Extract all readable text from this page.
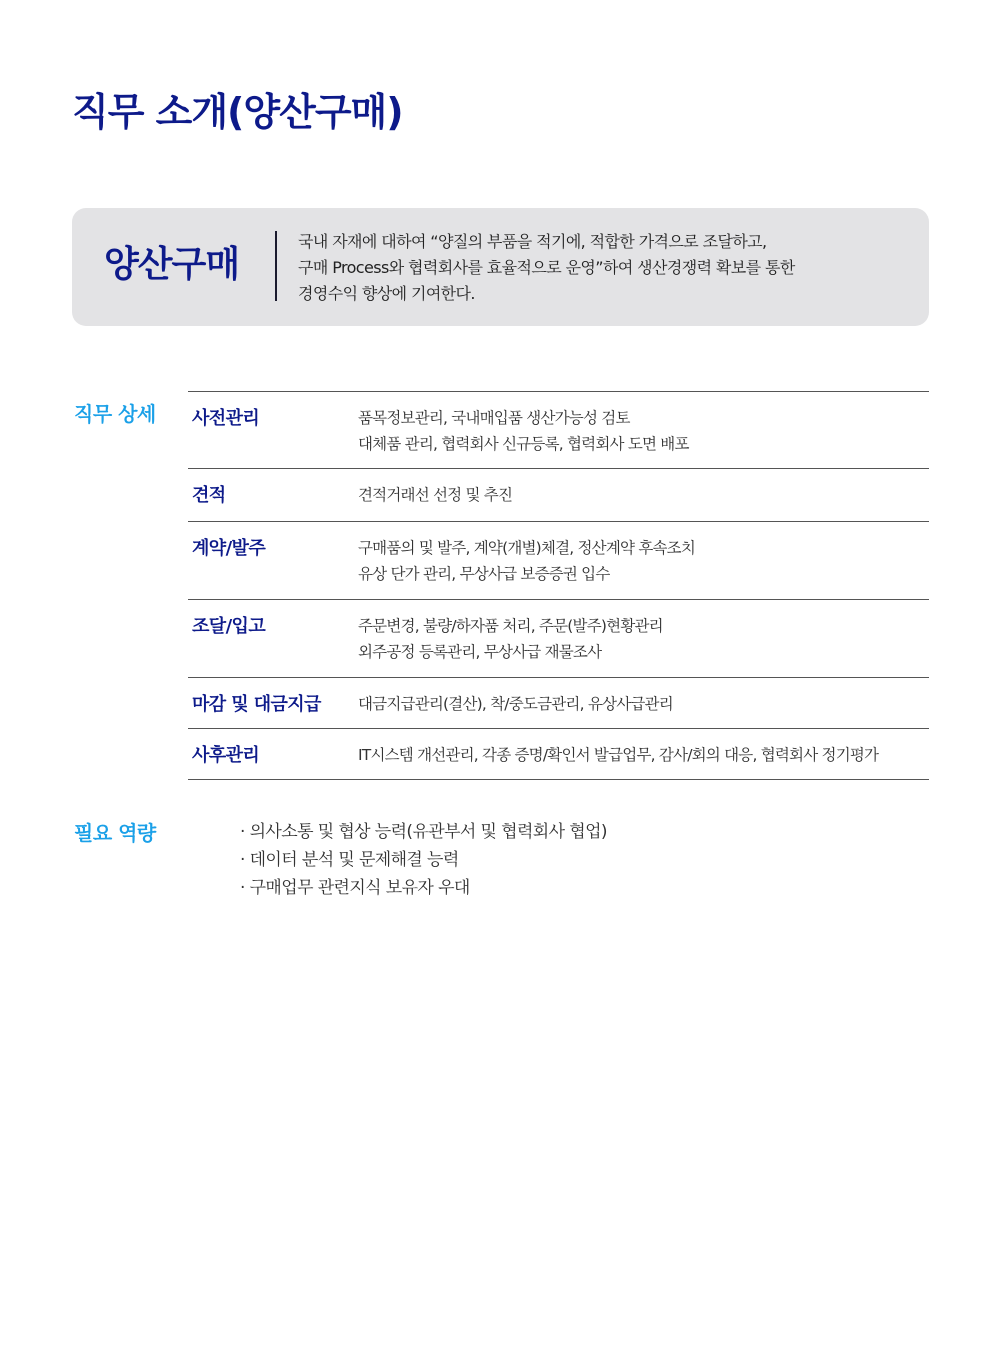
직무 소개(양산구매)
양산구매
국내 자재에 대하여 “양질의 부품을 적기에, 적합한 가격으로 조달하고,
구매 Process와 협력회사를 효율적으로 운영”하여 생산경쟁력 확보를 통한
경영수익 향상에 기여한다.
직무 상세 사전관리	품목정보관리, 국내매입품 생산가능성 검토
대체품 관리, 협력회사 신규등록, 협력회사 도면 배포
견적	견적거래선 선정 및 추진
계약/발주	구매품의 및 발주, 계약(개별)체결, 정산계약 후속조치
유상 단가 관리, 무상사급 보증증권 입수
조달/입고	주문변경, 불량/하자품 처리, 주문(발주)현황관리
외주공정 등록관리, 무상사급 재물조사
마감 및 대금지급 대금지급관리(결산), 착/중도금관리, 유상사급관리
사후관리	IT시스템 개선관리, 각종 증명/확인서 발급업무, 감사/회의 대응, 협력회사 정기평가
필요 역량
·	의사소통 및 협상 능력(유관부서 및 협력회사 협업)
· 데이터 분석 및 문제해결 능력
· 구매업무 관련지식 보유자 우대
